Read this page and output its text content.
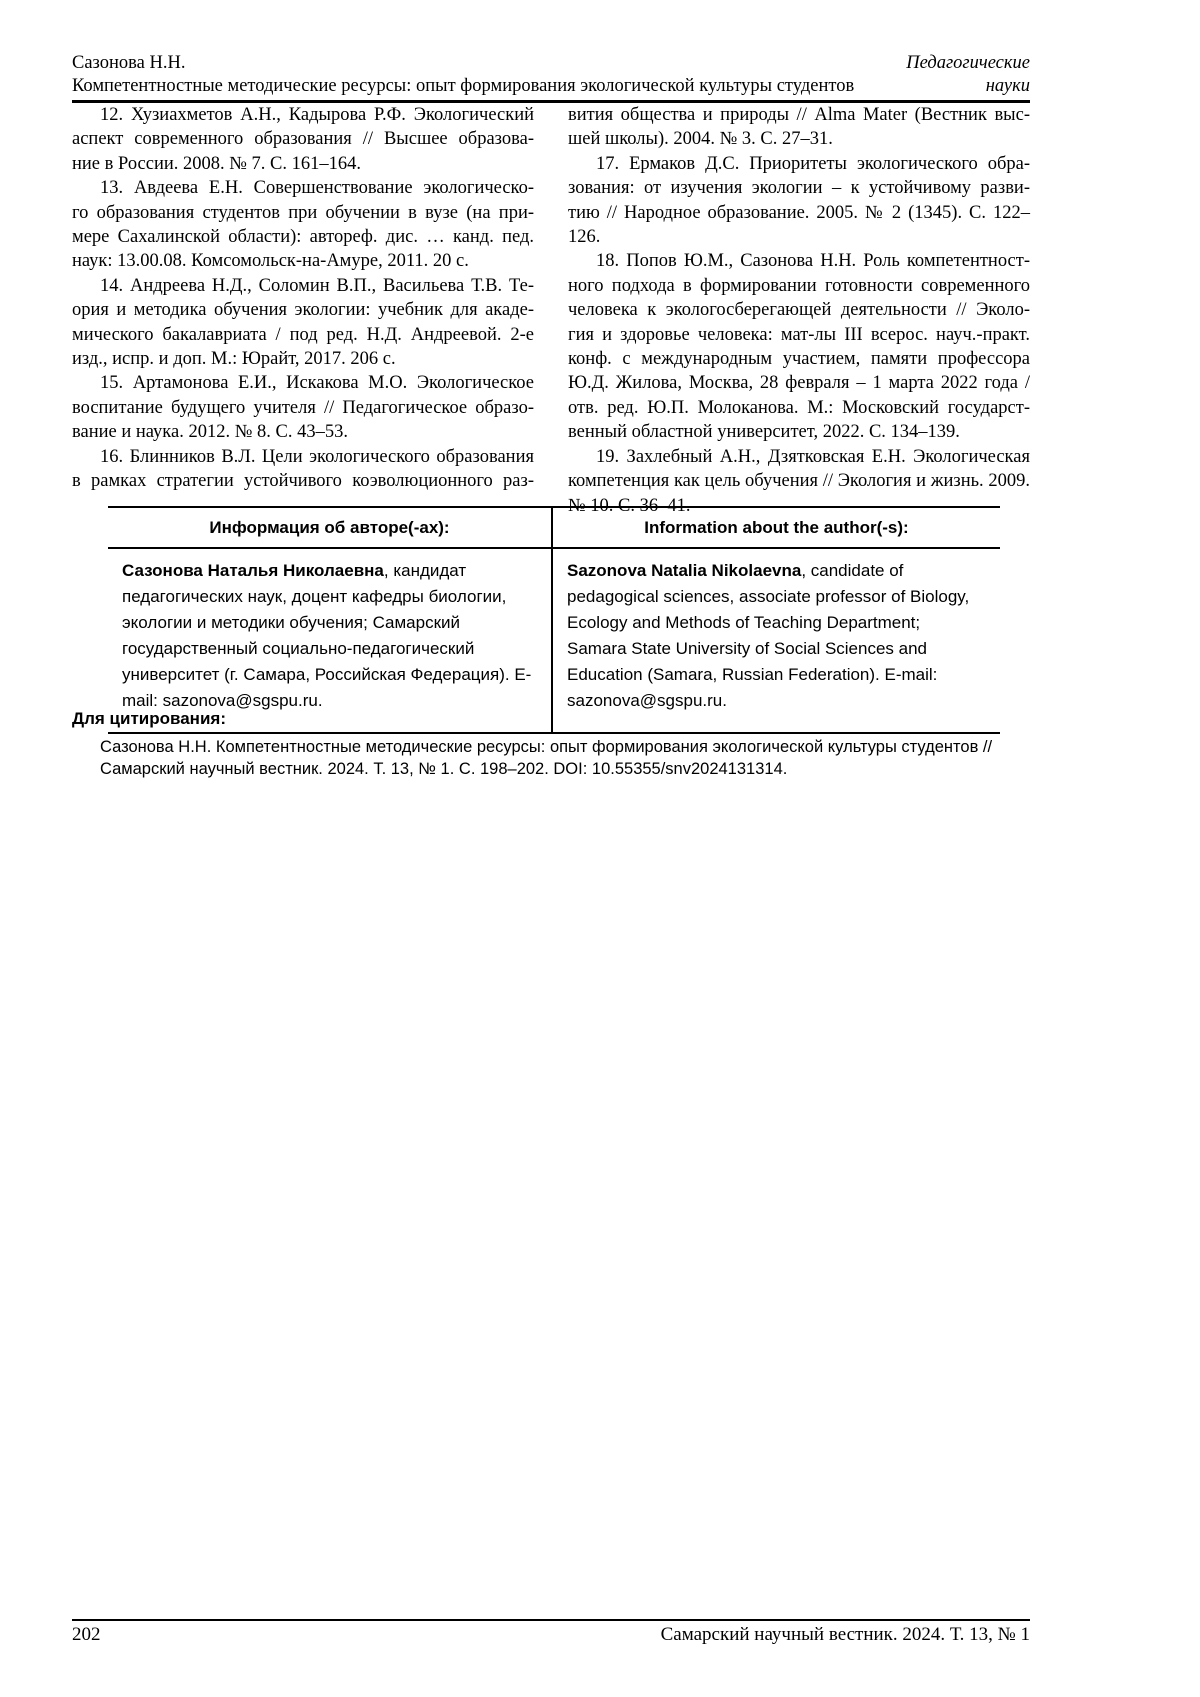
Сазонова Н.Н.	Педагогические
Компетентностные методические ресурсы: опыт формирования экологической культуры студентов	науки
12. Хузиахметов А.Н., Кадырова Р.Ф. Экологический
аспект современного образования // Высшее образова-
ние в России. 2008. № 7. С. 161–164.
13. Авдеева Е.Н. Совершенствование экологическо-
го образования студентов при обучении в вузе (на при-
мере Сахалинской области): автореф. дис. … канд. пед.
наук: 13.00.08. Комсомольск-на-Амуре, 2011. 20 с.
14. Андреева Н.Д., Соломин В.П., Васильева Т.В. Те-
ория и методика обучения экологии: учебник для акаде-
мического бакалавриата / под ред. Н.Д. Андреевой. 2-е
изд., испр. и доп. М.: Юрайт, 2017. 206 с.
15. Артамонова Е.И., Искакова М.О. Экологическое
воспитание будущего учителя // Педагогическое образо-
вание и наука. 2012. № 8. С. 43–53.
16. Блинников В.Л. Цели экологического образования
в рамках стратегии устойчивого коэволюционного раз-
вития общества и природы // Alma Mater (Вестник выс-
шей школы). 2004. № 3. С. 27–31.
17. Ермаков Д.С. Приоритеты экологического обра-
зования: от изучения экологии – к устойчивому разви-
тию // Народное образование. 2005. № 2 (1345). С. 122–126.
18. Попов Ю.М., Сазонова Н.Н. Роль компетентност-
ного подхода в формировании готовности современного
человека к экологосберегающей деятельности // Эколо-
гия и здоровье человека: мат-лы III всерос. науч.-практ.
конф. с международным участием, памяти профессора
Ю.Д. Жилова, Москва, 28 февраля – 1 марта 2022 года /
отв. ред. Ю.П. Молоканова. М.: Московский государст-
венный областной университет, 2022. С. 134–139.
19. Захлебный А.Н., Дзятковская Е.Н. Экологическая
компетенция как цель обучения // Экология и жизнь. 2009.
№ 10. С. 36–41.
Информация об авторе(-ах):	Information about the author(-s):
Сазонова Наталья Николаевна, кандидат педагогических наук, доцент кафедры биологии, экологии и методики обучения; Самарский государственный социально-педагогический университет (г. Самара, Российская Федерация). E-mail: sazonova@sgspu.ru.
Sazonova Natalia Nikolaevna, candidate of pedagogical sciences, associate professor of Biology, Ecology and Methods of Teaching Department; Samara State University of Social Sciences and Education (Samara, Russian Federation). E-mail: sazonova@sgspu.ru.
Для цитирования:
Сазонова Н.Н. Компетентностные методические ресурсы: опыт формирования экологической культуры студентов // Самарский научный вестник. 2024. Т. 13, № 1. С. 198–202. DOI: 10.55355/snv2024131314.
202	Самарский научный вестник. 2024. Т. 13, № 1
